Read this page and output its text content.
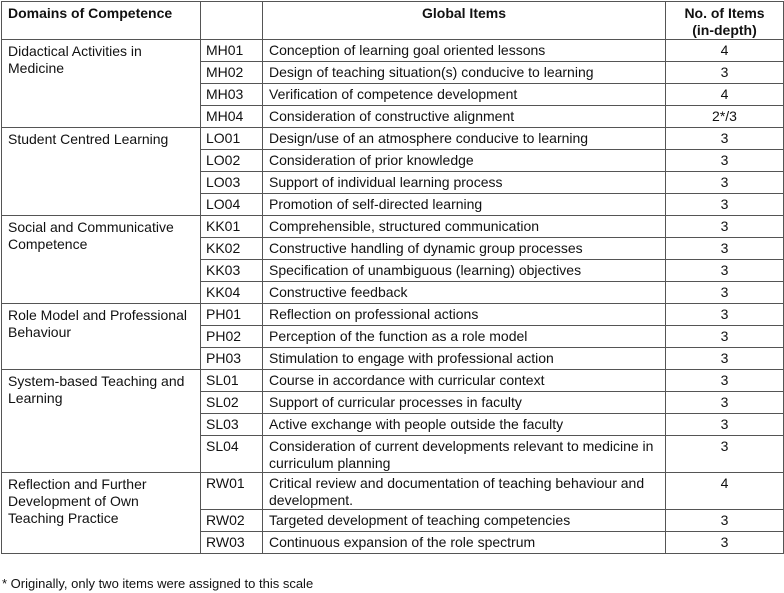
Domains of Competence		Global Items	No. of Items
(in-depth)
Didactical Activities in Medicine	MH01	Conception of learning goal oriented lessons	4
	MH02	Design of teaching situation(s) conducive to learning	3
	MH03	Verification of competence development	4
	MH04	Consideration of constructive alignment	2*/3
Student Centred Learning	LO01	Design/use of an atmosphere conducive to learning	3
	LO02	Consideration of prior knowledge	3
	LO03	Support of individual learning process	3
	LO04	Promotion of self-directed learning	3
Social and Communicative Competence	KK01	Comprehensible, structured communication	3
	KK02	Constructive handling of dynamic group processes	3
	KK03	Specification of unambiguous (learning) objectives	3
	KK04	Constructive feedback	3
Role Model and Professional Behaviour	PH01	Reflection on professional actions	3
	PH02	Perception of the function as a role model	3
	PH03	Stimulation to engage with professional action	3
System-based Teaching and Learning	SL01	Course in accordance with curricular context	3
	SL02	Support of curricular processes in faculty	3
	SL03	Active exchange with people outside the faculty	3
	SL04	Consideration of current developments relevant to medicine in curriculum planning	3
Reflection and Further Development of Own Teaching Practice	RW01	Critical review and documentation of teaching behaviour and development.	4
	RW02	Targeted development of teaching competencies	3
	RW03	Continuous expansion of the role spectrum	3
* Originally, only two items were assigned to this scale
